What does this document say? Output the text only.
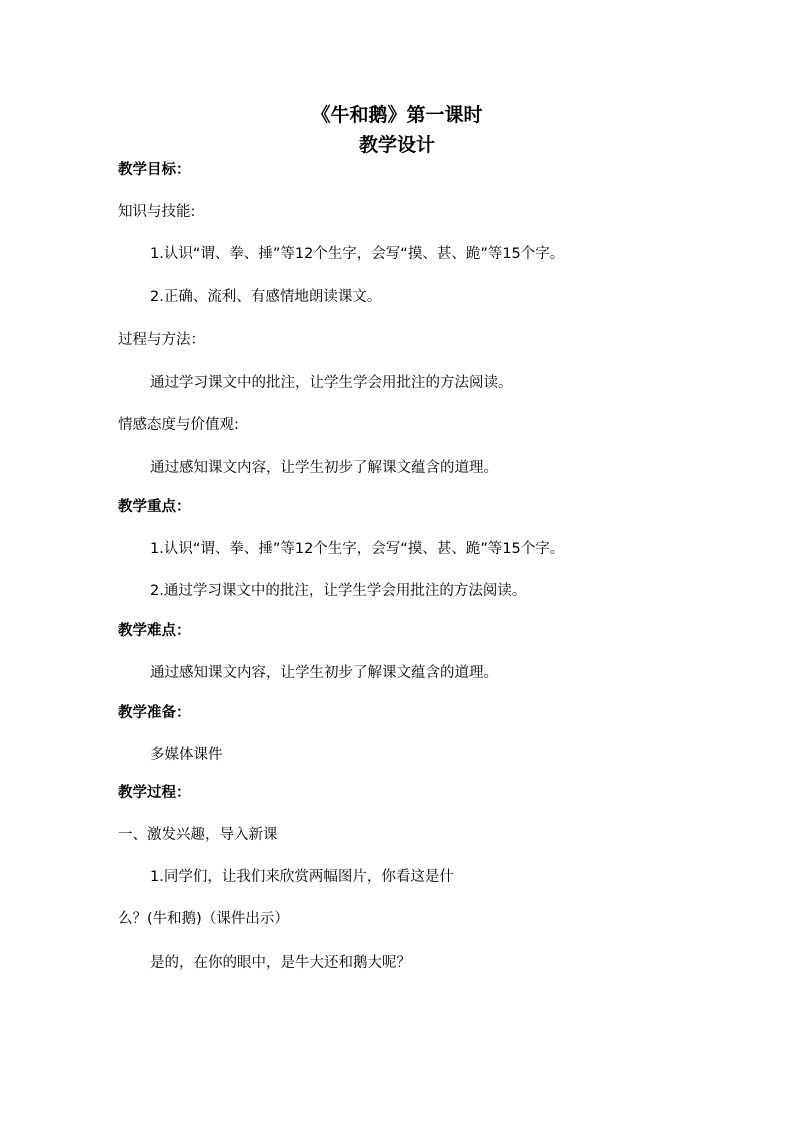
《牛和鹅》第一课时
教学设计
教学目标：
知识与技能:
1.认识“谓、拳、捶”等12个生字，会写“摸、甚、跪”等15个字。
2.正确、流利、有感情地朗读课文。
过程与方法：
通过学习课文中的批注，让学生学会用批注的方法阅读。
情感态度与价值观:
通过感知课文内容，让学生初步了解课文蕴含的道理。
教学重点：
1.认识“谓、拳、捶”等12个生字，会写“摸、甚、跪”等15个字。
2.通过学习课文中的批注，让学生学会用批注的方法阅读。
教学难点：
通过感知课文内容，让学生初步了解课文蕴含的道理。
教学准备：
多媒体课件
教学过程：
一、激发兴趣，导入新课
1.同学们，让我们来欣赏两幅图片，你看这是什
么？(牛和鹅)（课件出示）
是的，在你的眼中，是牛大还和鹅大呢？
